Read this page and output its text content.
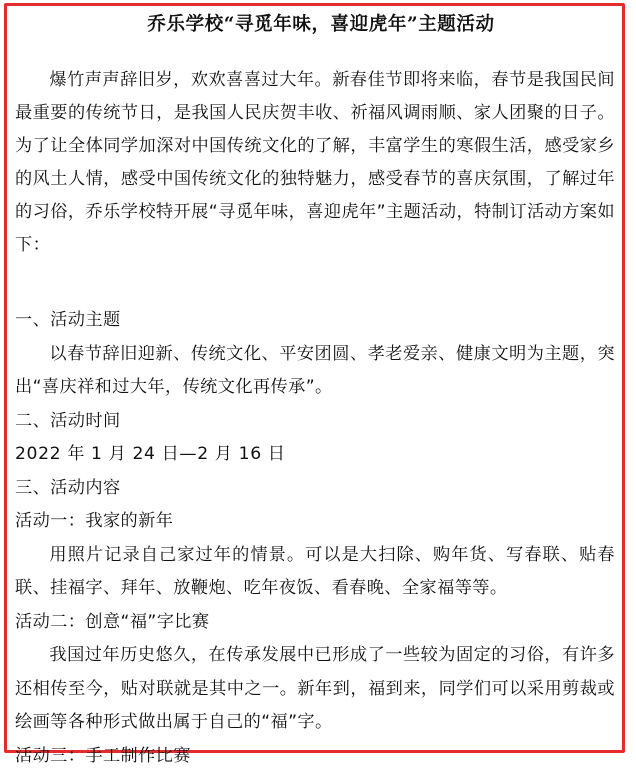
乔乐学校“寻觅年味，喜迎虎年”主题活动

爆竹声声辞旧岁，欢欢喜喜过大年。新春佳节即将来临，春节是我国民间最重要的传统节日，是我国人民庆贺丰收、祈福风调雨顺、家人团聚的日子。为了让全体同学加深对中国传统文化的了解，丰富学生的寒假生活，感受家乡的风土人情，感受中国传统文化的独特魅力，感受春节的喜庆氛围，了解过年的习俗，乔乐学校特开展“寻觅年味，喜迎虎年”主题活动，特制订活动方案如下：

一、活动主题

以春节辞旧迎新、传统文化、平安团圆、孝老爱亲、健康文明为主题，突出“喜庆祥和过大年，传统文化再传承”。

二、活动时间

2022 年 1 月 24 日—2 月 16 日

三、活动内容

活动一：我家的新年

用照片记录自己家过年的情景。可以是大扫除、购年货、写春联、贴春联、挂福字、拜年、放鞭炮、吃年夜饭、看春晚、全家福等等。

活动二：创意“福”字比赛

我国过年历史悠久，在传承发展中已形成了一些较为固定的习俗，有许多还相传至今，贴对联就是其中之一。新年到，福到来，同学们可以采用剪裁或绘画等各种形式做出属于自己的“福”字。

活动三：手工制作比赛
